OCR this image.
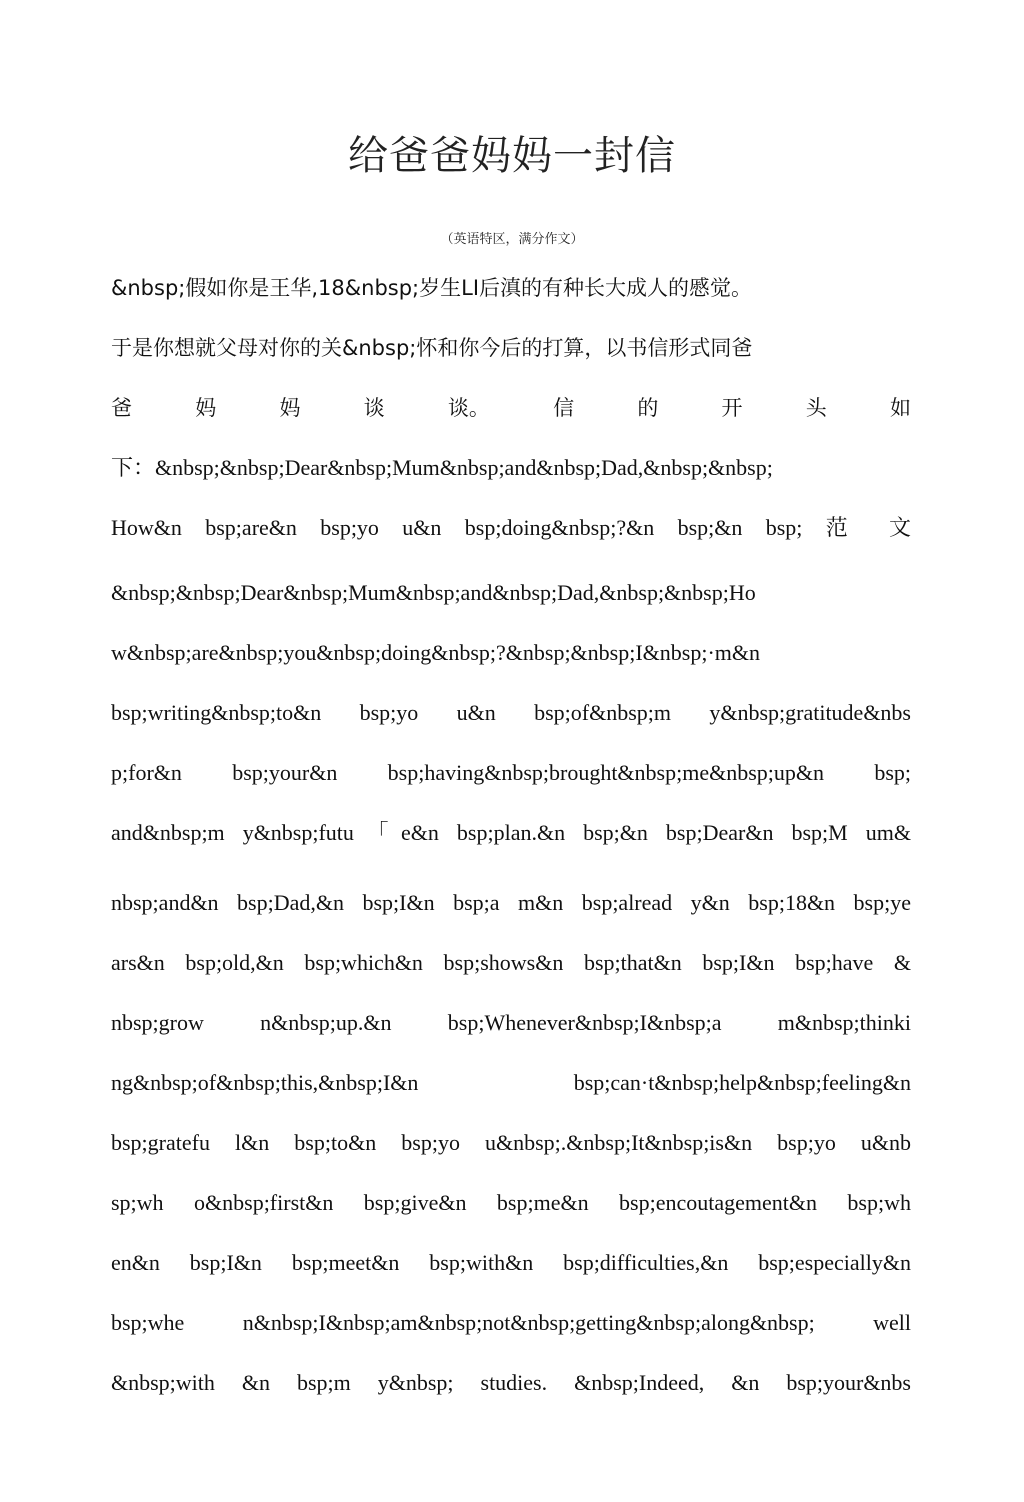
给爸爸妈妈一封信
（英语特区，满分作文）
&nbsp;假如你是王华,18&nbsp;岁生LI后滇的有种长大成人的慼觉。
于是你想就父母对你的关&nbsp;怀和你今后的打算，以书信形式同爸
爸	妈	妈	谈	谈。	信	的	开	头	如
下：&nbsp;&nbsp;Dear&nbsp;Mum&nbsp;and&nbsp;Dad,&nbsp;&nbsp;
How&n bsp;are&n bsp;yo u&n bsp;doing&nbsp;?&n bsp;&n bsp; 范 文
&nbsp;&nbsp;Dear&nbsp;Mum&nbsp;and&nbsp;Dad,&nbsp;&nbsp;Ho
w&nbsp;are&nbsp;you&nbsp;doing&nbsp;?&nbsp;&nbsp;I&nbsp;·m&n
bsp;writing&nbsp;to&n bsp;yo u&n bsp;of&nbsp;m y&nbsp;gratitude&nbs
p;for&n bsp;your&n bsp;having&nbsp;brought&nbsp;me&nbsp;up&n bsp;
and&nbsp;m y&nbsp;futu「e&n bsp;plan.&n bsp;&n bsp;Dear&n bsp;M um&
nbsp;and&n bsp;Dad,&n bsp;I&n bsp;a m&n bsp;alread y&n bsp;18&n bsp;ye
ars&n bsp;old,&n bsp;which&n bsp;shows&n bsp;that&n bsp;I&n bsp;have &
nbsp;grow n&nbsp;up.&n bsp;Whenever&nbsp;I&nbsp;a m&nbsp;thinki
ng&nbsp;of&nbsp;this,&nbsp;I&n bsp;can·t&nbsp;help&nbsp;feeling&n
bsp;gratefu l&n bsp;to&n bsp;yo u&nbsp;.&nbsp;It&nbsp;is&n bsp;yo u&nb
sp;wh o&nbsp;first&n bsp;give&n bsp;me&n bsp;encoutagement&n bsp;wh
en&n bsp;I&n bsp;meet&n bsp;with&n bsp;difficulties,&n bsp;especially&n
bsp;whe n&nbsp;I&nbsp;am&nbsp;not&nbsp;getting&nbsp;along&nbsp; well
&nbsp;with &n bsp;m y&nbsp; studies. &nbsp;Indeed, &n bsp;your&nbs
